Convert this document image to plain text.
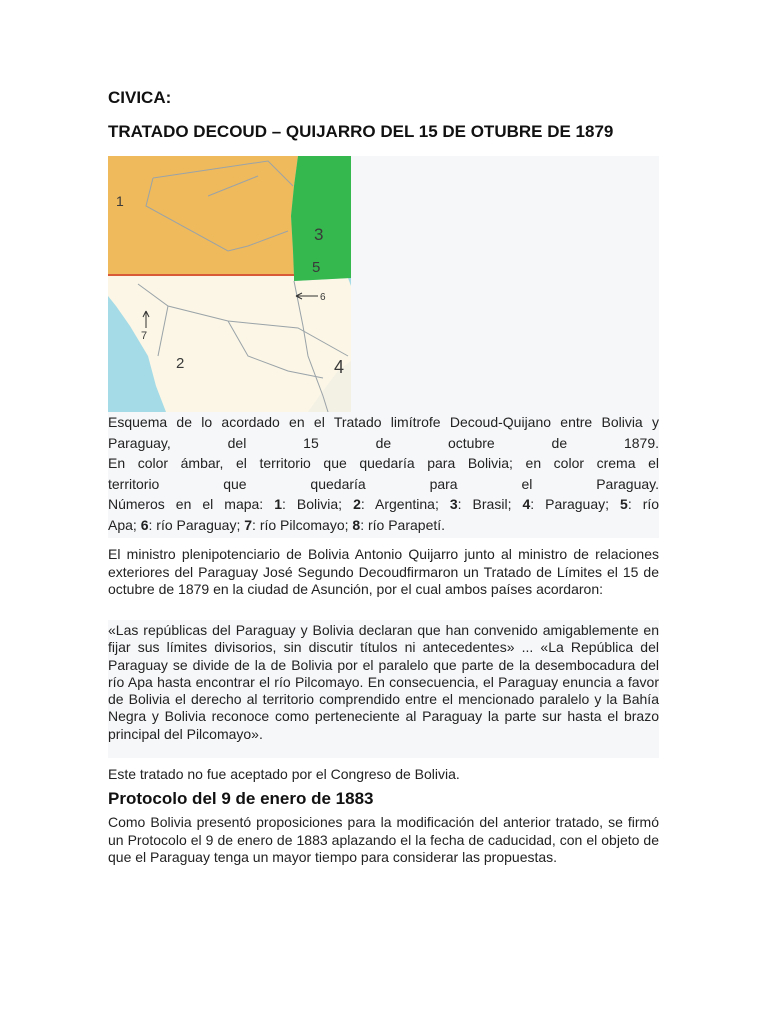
CIVICA:
TRATADO DECOUD – QUIJARRO DEL 15 DE OTUBRE DE 1879
1
3
5
6
7
2	4
Esquema de lo acordado en el Tratado limítrofe Decoud-Quijano entre Bolivia y
Paraguay, del 15 de octubre de 1879.
En color ámbar, el territorio que quedaría para Bolivia; en color crema el
territorio que quedaría para el Paraguay.
Números en el mapa: 1: Bolivia; 2: Argentina; 3: Brasil; 4: Paraguay; 5: río
Apa; 6: río Paraguay; 7: río Pilcomayo; 8: río Parapetí.

El ministro plenipotenciario de Bolivia Antonio Quijarro junto al ministro de relaciones exteriores del Paraguay José Segundo Decoudfirmaron un Tratado de Límites el 15 de octubre de 1879 en la ciudad de Asunción, por el cual ambos países acordaron:

«Las repúblicas del Paraguay y Bolivia declaran que han convenido amigablemente en fijar sus límites divisorios, sin discutir títulos ni antecedentes» ... «La República del Paraguay se divide de la de Bolivia por el paralelo que parte de la desembocadura del río Apa hasta encontrar el río Pilcomayo. En consecuencia, el Paraguay enuncia a favor de Bolivia el derecho al territorio comprendido entre el mencionado paralelo y la Bahía Negra y Bolivia reconoce como perteneciente al Paraguay la parte sur hasta el brazo principal del Pilcomayo».

Este tratado no fue aceptado por el Congreso de Bolivia.

Protocolo del 9 de enero de 1883

Como Bolivia presentó proposiciones para la modificación del anterior tratado, se firmó un Protocolo el 9 de enero de 1883 aplazando el la fecha de caducidad, con el objeto de que el Paraguay tenga un mayor tiempo para considerar las propuestas.
